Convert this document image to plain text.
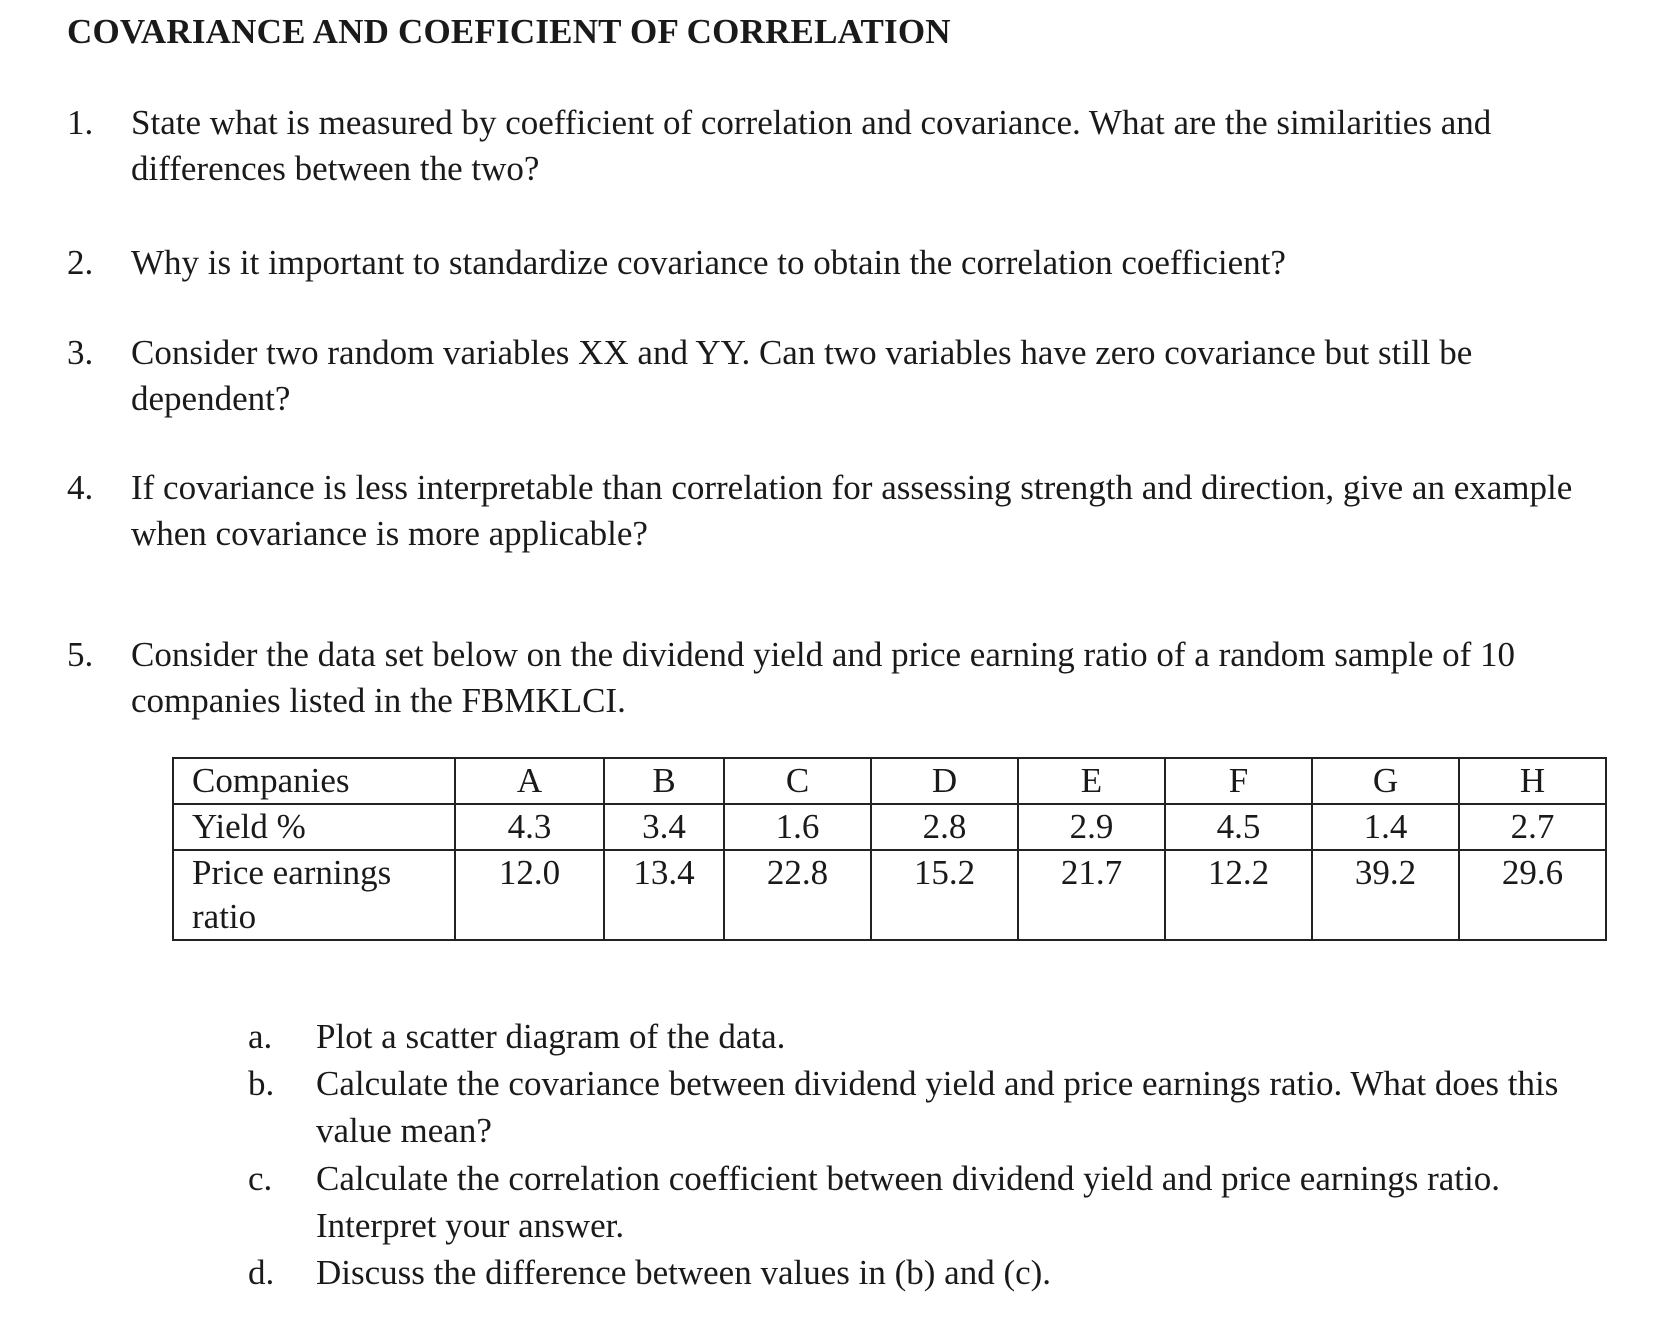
COVARIANCE AND COEFICIENT OF CORRELATION
1. State what is measured by coefficient of correlation and covariance. What are the similarities and differences between the two?
2. Why is it important to standardize covariance to obtain the correlation coefficient?
3. Consider two random variables XX and YY. Can two variables have zero covariance but still be dependent?
4. If covariance is less interpretable than correlation for assessing strength and direction, give an example when covariance is more applicable?
5. Consider the data set below on the dividend yield and price earning ratio of a random sample of 10 companies listed in the FBMKLCI.
Companies	A	B	C	D	E	F	G	H
Yield %	4.3	3.4	1.6	2.8	2.9	4.5	1.4	2.7
Price earnings ratio	12.0	13.4	22.8	15.2	21.7	12.2	39.2	29.6
a. Plot a scatter diagram of the data.
b. Calculate the covariance between dividend yield and price earnings ratio. What does this value mean?
c. Calculate the correlation coefficient between dividend yield and price earnings ratio. Interpret your answer.
d. Discuss the difference between values in (b) and (c).
